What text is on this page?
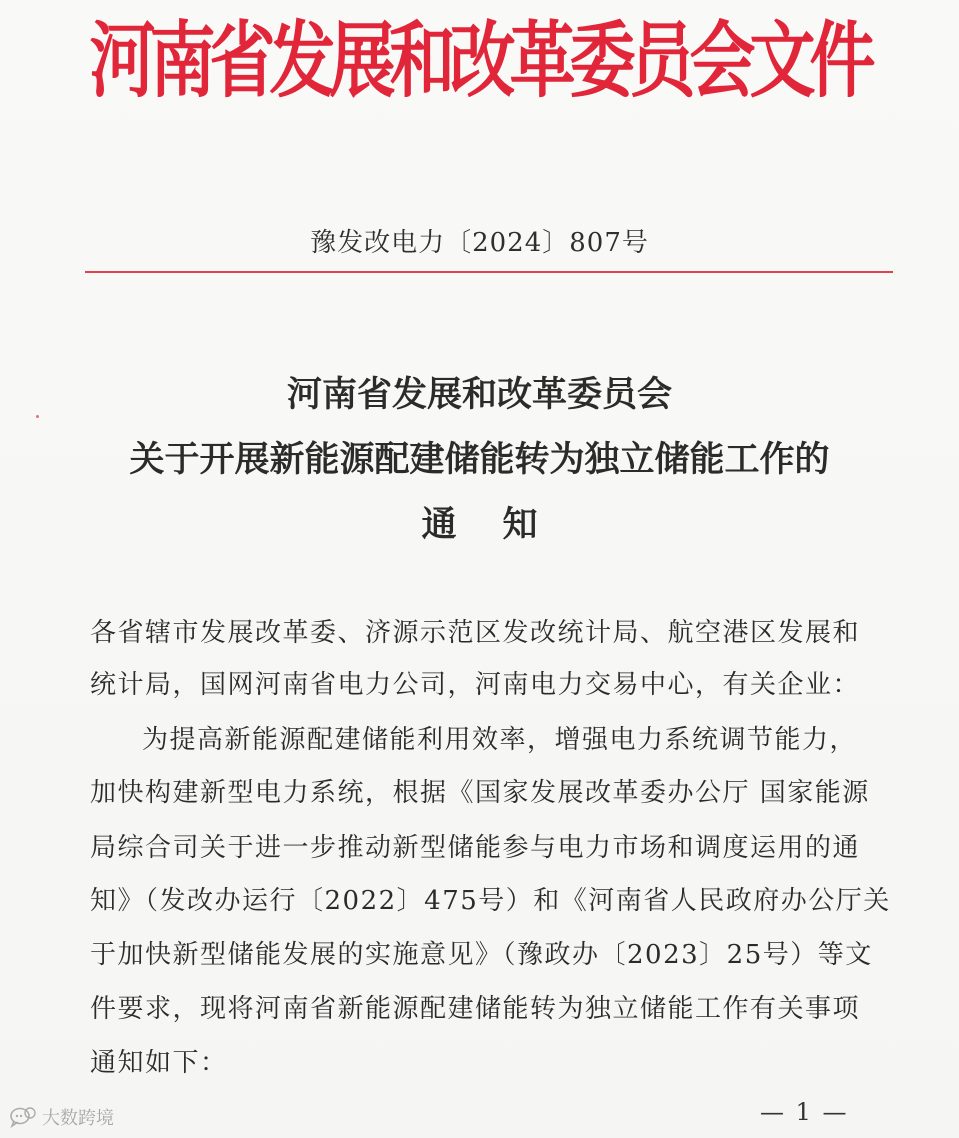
河南省发展和改革委员会文件
豫发改电力〔2024〕807号
河南省发展和改革委员会
关于开展新能源配建储能转为独立储能工作的
通知
各省辖市发展改革委、济源示范区发改统计局、航空港区发展和
统计局，国网河南省电力公司，河南电力交易中心，有关企业：
为提高新能源配建储能利用效率，增强电力系统调节能力，
加快构建新型电力系统，根据《国家发展改革委办公厅 国家能源
局综合司关于进一步推动新型储能参与电力市场和调度运用的通
知》（发改办运行〔2022〕475号）和《河南省人民政府办公厅关
于加快新型储能发展的实施意见》（豫政办〔2023〕25号）等文
件要求，现将河南省新能源配建储能转为独立储能工作有关事项
通知如下：
— 1 —
大数跨境
